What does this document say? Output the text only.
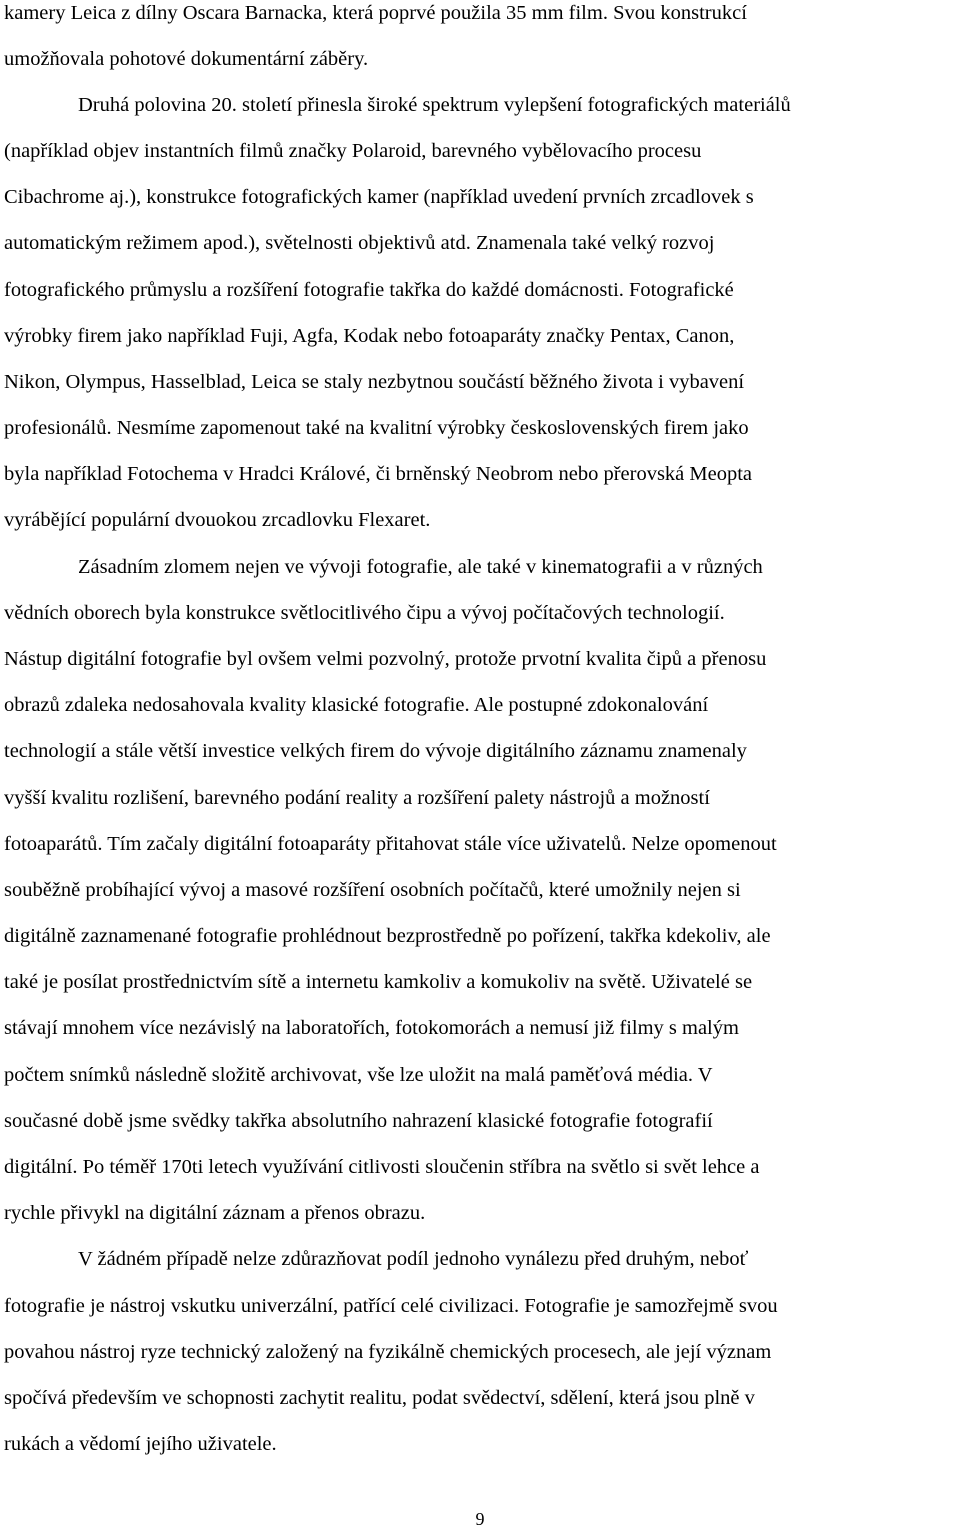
kamery Leica z dílny Oscara Barnacka, která poprvé použila 35 mm film. Svou konstrukcí
umožňovala pohotové dokumentární záběry.
Druhá polovina 20. století přinesla široké spektrum vylepšení fotografických materiálů
(například objev instantních filmů značky Polaroid, barevného vybělovacího procesu
Cibachrome aj.), konstrukce fotografických kamer (například uvedení prvních zrcadlovek s
automatickým režimem apod.), světelnosti objektivů atd. Znamenala také velký rozvoj
fotografického průmyslu a rozšíření fotografie takřka do každé domácnosti. Fotografické
výrobky firem jako například Fuji, Agfa, Kodak nebo fotoaparáty značky Pentax, Canon,
Nikon, Olympus, Hasselblad, Leica se staly nezbytnou součástí běžného života i vybavení
profesionálů. Nesmíme zapomenout také na kvalitní výrobky československých firem jako
byla například Fotochema v Hradci Králové, či brněnský Neobrom nebo přerovská Meopta
vyrábějící populární dvouokou zrcadlovku Flexaret.
Zásadním zlomem nejen ve vývoji fotografie, ale také v kinematografii a v různých
vědních oborech byla konstrukce světlocitlivého čipu a vývoj počítačových technologií.
Nástup digitální fotografie byl ovšem velmi pozvolný, protože prvotní kvalita čipů a přenosu
obrazů zdaleka nedosahovala kvality klasické fotografie. Ale postupné zdokonalování
technologií a stále větší investice velkých firem do vývoje digitálního záznamu znamenaly
vyšší kvalitu rozlišení, barevného podání reality a rozšíření palety nástrojů a možností
fotoaparátů. Tím začaly digitální fotoaparáty přitahovat stále více uživatelů. Nelze opomenout
souběžně probíhající vývoj a masové rozšíření osobních počítačů, které umožnily nejen si
digitálně zaznamenané fotografie prohlédnout bezprostředně po pořízení, takřka kdekoliv, ale
také je posílat prostřednictvím sítě a internetu kamkoliv a komukoliv na světě. Uživatelé se
stávají mnohem více nezávislý na laboratořích, fotokomorách a nemusí již filmy s malým
počtem snímků následně složitě archivovat, vše lze uložit na malá paměťová média. V
současné době jsme svědky takřka absolutního nahrazení klasické fotografie fotografií
digitální. Po téměř 170ti letech využívání citlivosti sloučenin stříbra na světlo si svět lehce a
rychle přivykl na digitální záznam a přenos obrazu.
V žádném případě nelze zdůrazňovat podíl jednoho vynálezu před druhým, neboť
fotografie je nástroj vskutku univerzální, patřící celé civilizaci. Fotografie je samozřejmě svou
povahou nástroj ryze technický založený na fyzikálně chemických procesech, ale její význam
spočívá především ve schopnosti zachytit realitu, podat svědectví, sdělení, která jsou plně v
rukách a vědomí jejího uživatele.
9
